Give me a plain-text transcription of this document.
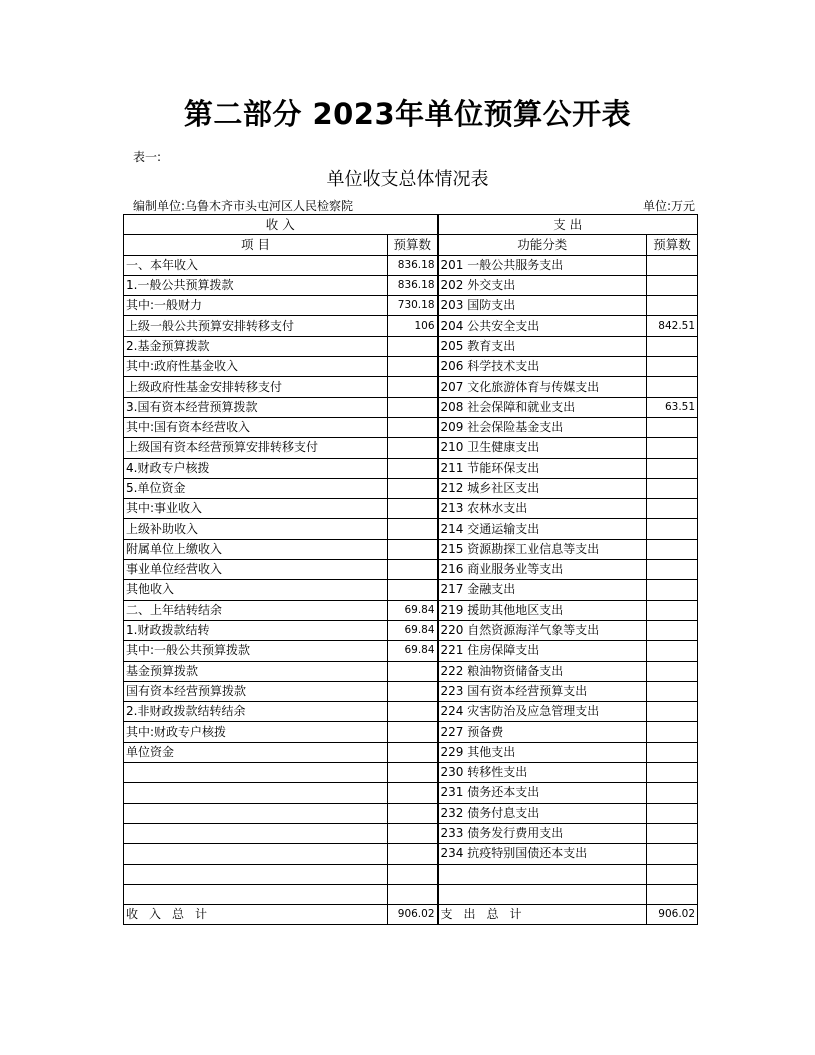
第二部分 2023年单位预算公开表
表一:
单位收支总体情况表
编制单位:乌鲁木齐市头屯河区人民检察院	单位:万元
收 入		支 出	
项 目	预算数	功能分类	预算数
一、本年收入	836.18	201 一般公共服务支出	
1.一般公共预算拨款	836.18	202 外交支出	
其中:一般财力	730.18	203 国防支出	
上级一般公共预算安排转移支付	106	204 公共安全支出	842.51
2.基金预算拨款		205 教育支出	
其中:政府性基金收入		206 科学技术支出	
上级政府性基金安排转移支付		207 文化旅游体育与传媒支出	
3.国有资本经营预算拨款		208 社会保障和就业支出	63.51
其中:国有资本经营收入		209 社会保险基金支出	
上级国有资本经营预算安排转移支付		210 卫生健康支出	
4.财政专户核拨		211 节能环保支出	
5.单位资金		212 城乡社区支出	
其中:事业收入		213 农林水支出	
上级补助收入		214 交通运输支出	
附属单位上缴收入		215 资源勘探工业信息等支出	
事业单位经营收入		216 商业服务业等支出	
其他收入		217 金融支出	
二、上年结转结余	69.84	219 援助其他地区支出	
1.财政拨款结转	69.84	220 自然资源海洋气象等支出	
其中:一般公共预算拨款	69.84	221 住房保障支出	
基金预算拨款		222 粮油物资储备支出	
国有资本经营预算拨款		223 国有资本经营预算支出	
2.非财政拨款结转结余		224 灾害防治及应急管理支出	
其中:财政专户核拨		227 预备费	
单位资金		229 其他支出	
		230 转移性支出	
		231 债务还本支出	
		232 债务付息支出	
		233 债务发行费用支出	
		234 抗疫特别国债还本支出	

收入总计	906.02	支出总计	906.02
